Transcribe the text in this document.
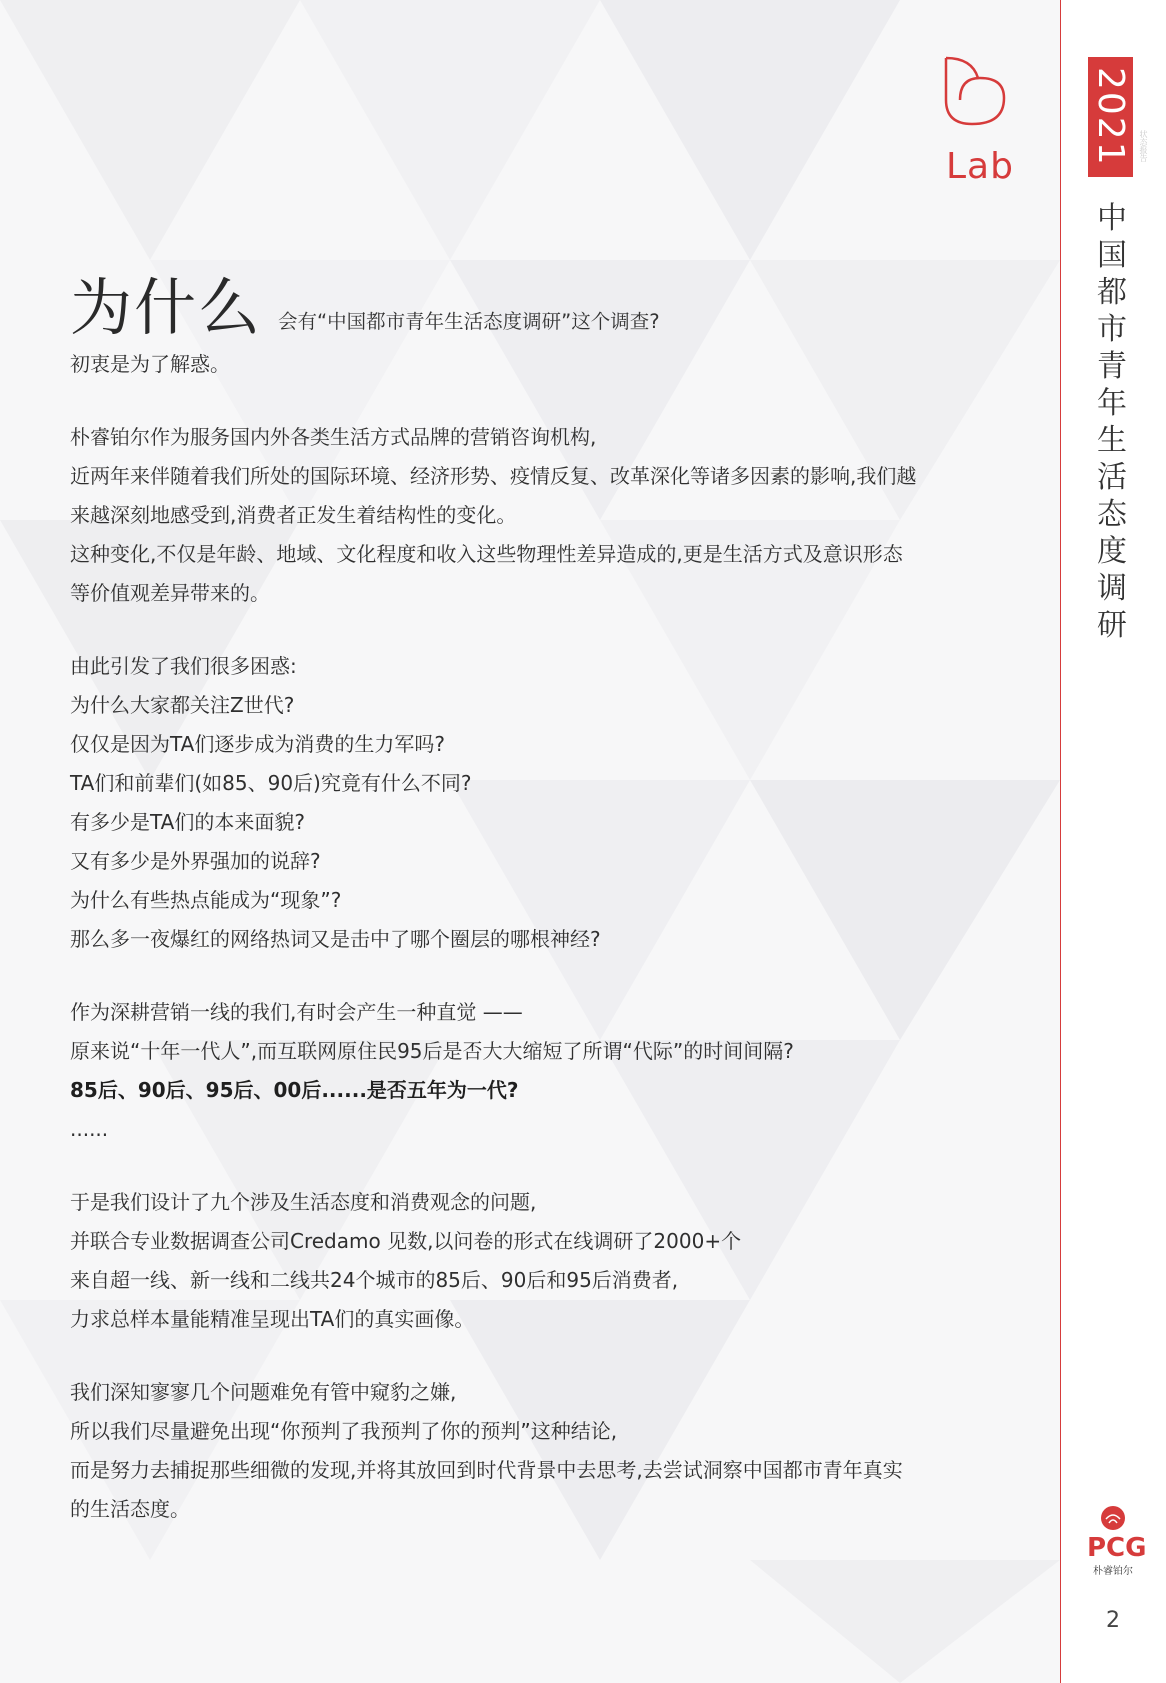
Lab 2021 状态报告
中国都市青年生活态度调研
PCG
朴睿铂尔
2
为什么 会有“中国都市青年生活态度调研”这个调查?
初衷是为了解惑。
朴睿铂尔作为服务国内外各类生活方式品牌的营销咨询机构,
近两年来伴随着我们所处的国际环境、经济形势、疫情反复、改革深化等诸多因素的影响,我们越
来越深刻地感受到,消费者正发生着结构性的变化。
这种变化,不仅是年龄、地域、文化程度和收入这些物理性差异造成的,更是生活方式及意识形态
等价值观差异带来的。
由此引发了我们很多困惑:
为什么大家都关注Z世代?
仅仅是因为TA们逐步成为消费的生力军吗?
TA们和前辈们(如85、90后)究竟有什么不同?
有多少是TA们的本来面貌?
又有多少是外界强加的说辞?
为什么有些热点能成为“现象”?
那么多一夜爆红的网络热词又是击中了哪个圈层的哪根神经?
作为深耕营销一线的我们,有时会产生一种直觉 ——
原来说“十年一代人”,而互联网原住民95后是否大大缩短了所谓“代际”的时间间隔?
85后、90后、95后、00后......是否五年为一代?
......
于是我们设计了九个涉及生活态度和消费观念的问题,
并联合专业数据调查公司Credamo 见数,以问卷的形式在线调研了2000+个
来自超一线、新一线和二线共24个城市的85后、90后和95后消费者,
力求总样本量能精准呈现出TA们的真实画像。
我们深知寥寥几个问题难免有管中窥豹之嫌,
所以我们尽量避免出现“你预判了我预判了你的预判”这种结论,
而是努力去捕捉那些细微的发现,并将其放回到时代背景中去思考,去尝试洞察中国都市青年真实
的生活态度。
